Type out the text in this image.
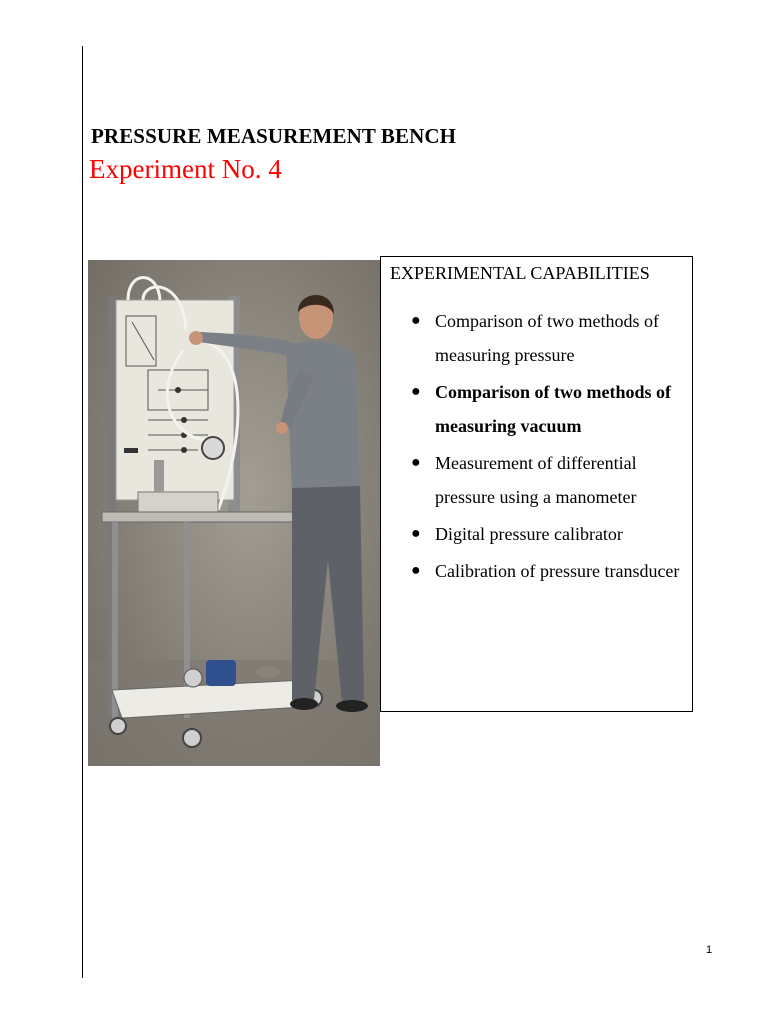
PRESSURE MEASUREMENT BENCH
Experiment No. 4
EXPERIMENTAL CAPABILITIES
● Comparison of two methods of measuring pressure
● Comparison of two methods of measuring vacuum
● Measurement of differential pressure using a manometer
● Digital pressure calibrator
● Calibration of pressure transducer
1
